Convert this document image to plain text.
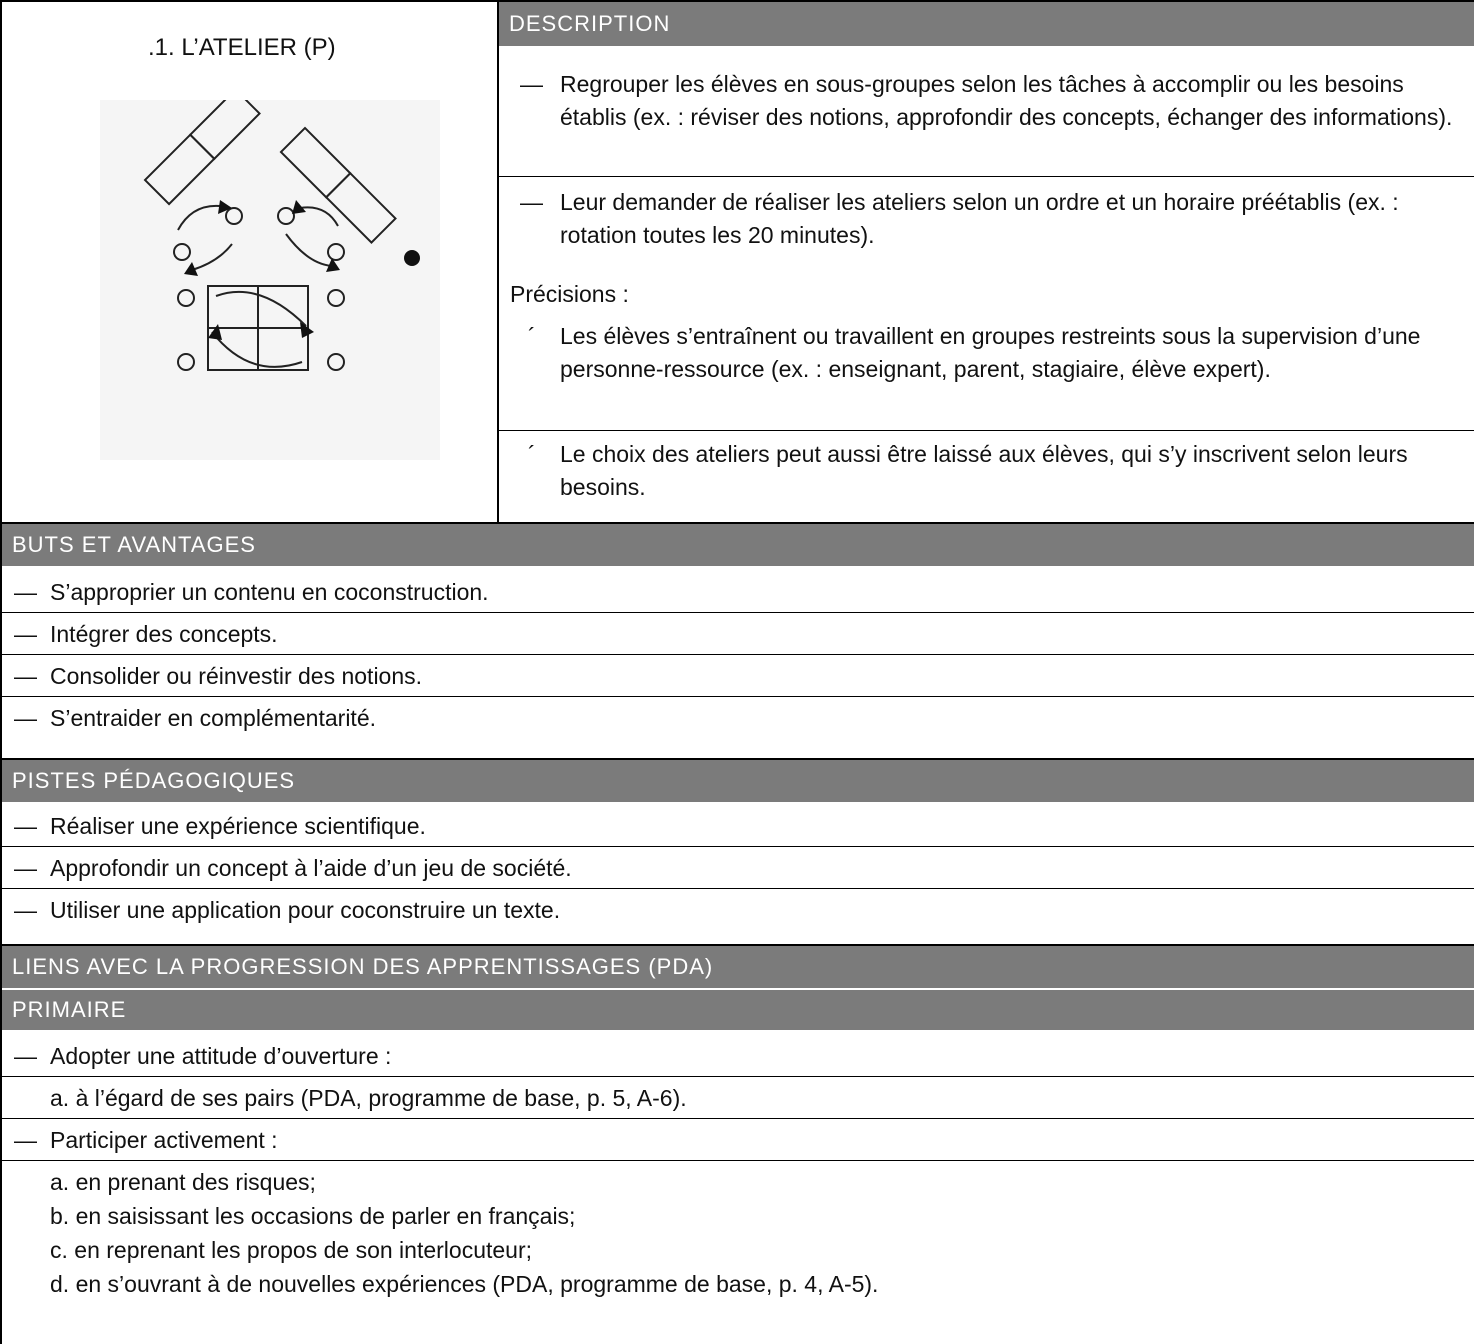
.1. L’ATELIER (P)
DESCRIPTION
— Regrouper les élèves en sous-groupes selon les tâches à accomplir ou les besoins établis (ex. : réviser des notions, approfondir des concepts, échanger des informations).
— Leur demander de réaliser les ateliers selon un ordre et un horaire préétablis (ex. : rotation toutes les 20 minutes).
Précisions :
´	Les élèves s’entraînent ou travaillent en groupes restreints sous la supervision d’une personne-ressource (ex. : enseignant, parent, stagiaire, élève expert).
´	Le choix des ateliers peut aussi être laissé aux élèves, qui s’y inscrivent selon leurs besoins.
BUTS ET AVANTAGES
— S’approprier un contenu en coconstruction.
— Intégrer des concepts.
— Consolider ou réinvestir des notions.
— S’entraider en complémentarité.
PISTES PÉDAGOGIQUES
— Réaliser une expérience scientifique.
— Approfondir un concept à l’aide d’un jeu de société.
— Utiliser une application pour coconstruire un texte.
LIENS AVEC LA PROGRESSION DES APPRENTISSAGES (PDA)
PRIMAIRE
— Adopter une attitude d’ouverture :
a. à l’égard de ses pairs (PDA, programme de base, p. 5, A-6).
— Participer activement :
a. en prenant des risques;
b. en saisissant les occasions de parler en français;
c. en reprenant les propos de son interlocuteur;
d. en s’ouvrant à de nouvelles expériences (PDA, programme de base, p. 4, A-5).
